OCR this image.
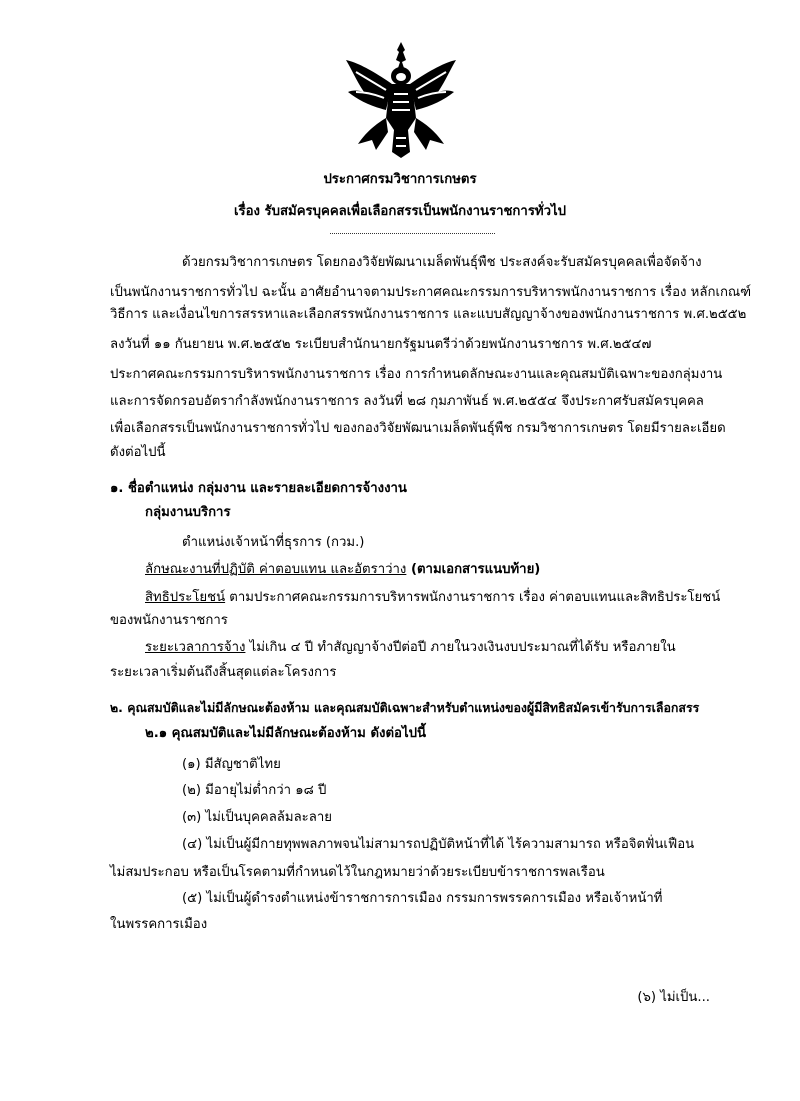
ประกาศกรมวิชาการเกษตร
เรื่อง รับสมัครบุคคลเพื่อเลือกสรรเป็นพนักงานราชการทั่วไป
ด้วยกรมวิชาการเกษตร โดยกองวิจัยพัฒนาเมล็ดพันธุ์พืช ประสงค์จะรับสมัครบุคคลเพื่อจัดจ้าง
เป็นพนักงานราชการทั่วไป ฉะนั้น อาศัยอำนาจตามประกาศคณะกรรมการบริหารพนักงานราชการ เรื่อง หลักเกณฑ์
วิธีการ และเงื่อนไขการสรรหาและเลือกสรรพนักงานราชการ และแบบสัญญาจ้างของพนักงานราชการ พ.ศ.๒๕๕๒
ลงวันที่ ๑๑ กันยายน พ.ศ.๒๕๕๒ ระเบียบสำนักนายกรัฐมนตรีว่าด้วยพนักงานราชการ พ.ศ.๒๕๔๗
ประกาศคณะกรรมการบริหารพนักงานราชการ เรื่อง การกำหนดลักษณะงานและคุณสมบัติเฉพาะของกลุ่มงาน
และการจัดกรอบอัตรากำลังพนักงานราชการ ลงวันที่ ๒๘ กุมภาพันธ์ พ.ศ.๒๕๕๔ จึงประกาศรับสมัครบุคคล
เพื่อเลือกสรรเป็นพนักงานราชการทั่วไป ของกองวิจัยพัฒนาเมล็ดพันธุ์พืช กรมวิชาการเกษตร โดยมีรายละเอียด
ดังต่อไปนี้
๑. ชื่อตำแหน่ง กลุ่มงาน และรายละเอียดการจ้างงาน
กลุ่มงานบริการ
ตำแหน่งเจ้าหน้าที่ธุรการ (กวม.)
ลักษณะงานที่ปฏิบัติ ค่าตอบแทน และอัตราว่าง (ตามเอกสารแนบท้าย)
สิทธิประโยชน์ ตามประกาศคณะกรรมการบริหารพนักงานราชการ เรื่อง ค่าตอบแทนและสิทธิประโยชน์
ของพนักงานราชการ
ระยะเวลาการจ้าง ไม่เกิน ๔ ปี ทำสัญญาจ้างปีต่อปี ภายในวงเงินงบประมาณที่ได้รับ หรือภายใน
ระยะเวลาเริ่มต้นถึงสิ้นสุดแต่ละโครงการ
๒. คุณสมบัติและไม่มีลักษณะต้องห้าม และคุณสมบัติเฉพาะสำหรับตำแหน่งของผู้มีสิทธิสมัครเข้ารับการเลือกสรร
๒.๑ คุณสมบัติและไม่มีลักษณะต้องห้าม ดังต่อไปนี้
(๑) มีสัญชาติไทย
(๒) มีอายุไม่ต่ำกว่า ๑๘ ปี
(๓) ไม่เป็นบุคคลล้มละลาย
(๔) ไม่เป็นผู้มีกายทุพพลภาพจนไม่สามารถปฏิบัติหน้าที่ได้ ไร้ความสามารถ หรือจิตฟั่นเฟือน
ไม่สมประกอบ หรือเป็นโรคตามที่กำหนดไว้ในกฎหมายว่าด้วยระเบียบข้าราชการพลเรือน
(๕) ไม่เป็นผู้ดำรงตำแหน่งข้าราชการการเมือง กรรมการพรรคการเมือง หรือเจ้าหน้าที่
ในพรรคการเมือง
(๖) ไม่เป็น...
